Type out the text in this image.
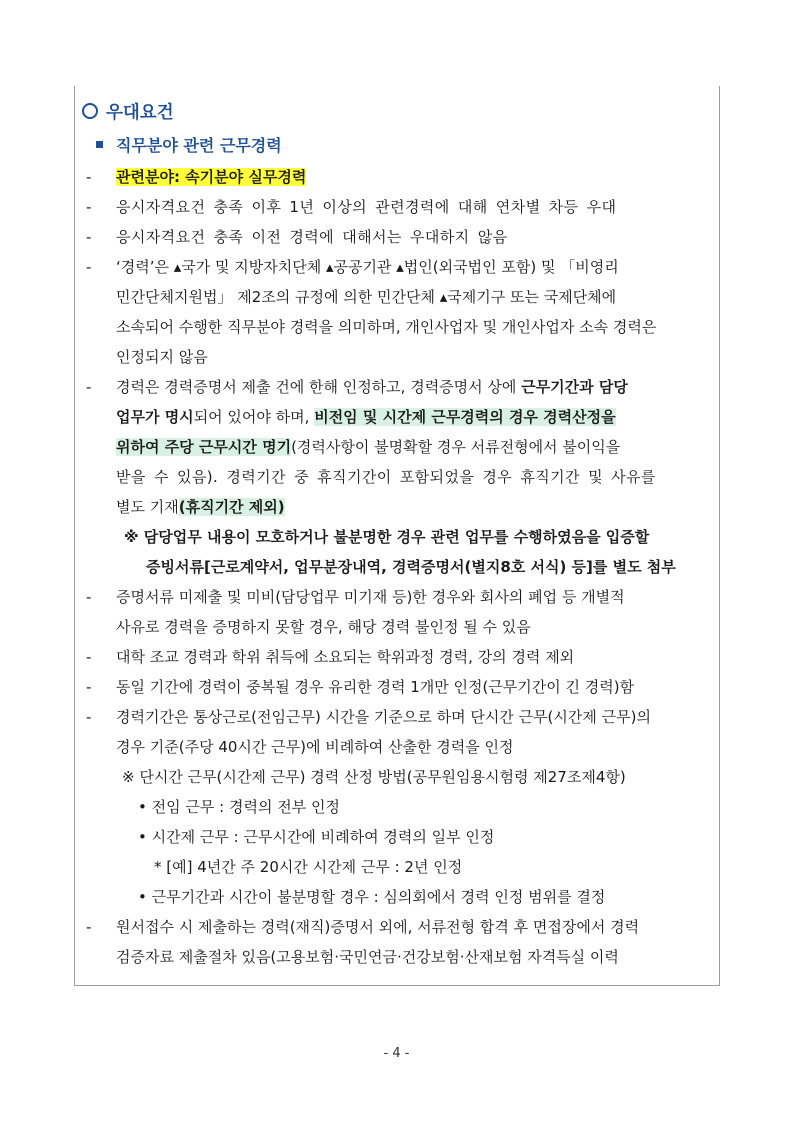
우대요건
직무분야 관련 근무경력
- 관련분야: 속기분야 실무경력
- 응시자격요건 충족 이후 1년 이상의 관련경력에 대해 연차별 차등 우대
- 응시자격요건 충족 이전 경력에 대해서는 우대하지 않음
- ‘경력’은 ▴국가 및 지방자치단체 ▴공공기관 ▴법인(외국법인 포함) 및 「비영리
민간단체지원법」 제2조의 규정에 의한 민간단체 ▴국제기구 또는 국제단체에
소속되어 수행한 직무분야 경력을 의미하며, 개인사업자 및 개인사업자 소속 경력은
인정되지 않음
- 경력은 경력증명서 제출 건에 한해 인정하고, 경력증명서 상에 근무기간과 담당
업무가 명시되어 있어야 하며, 비전임 및 시간제 근무경력의 경우 경력산정을
위하여 주당 근무시간 명기(경력사항이 불명확할 경우 서류전형에서 불이익을
받을 수 있음). 경력기간 중 휴직기간이 포함되었을 경우 휴직기간 및 사유를
별도 기재(휴직기간 제외)
※ 담당업무 내용이 모호하거나 불분명한 경우 관련 업무를 수행하였음을 입증할
증빙서류[근로계약서, 업무분장내역, 경력증명서(별지8호 서식) 등]를 별도 첨부
- 증명서류 미제출 및 미비(담당업무 미기재 등)한 경우와 회사의 폐업 등 개별적
사유로 경력을 증명하지 못할 경우, 해당 경력 불인정 될 수 있음
- 대학 조교 경력과 학위 취득에 소요되는 학위과정 경력, 강의 경력 제외
- 동일 기간에 경력이 중복될 경우 유리한 경력 1개만 인정(근무기간이 긴 경력)함
- 경력기간은 통상근로(전임근무) 시간을 기준으로 하며 단시간 근무(시간제 근무)의
경우 기준(주당 40시간 근무)에 비례하여 산출한 경력을 인정
※ 단시간 근무(시간제 근무) 경력 산정 방법(공무원임용시험령 제27조제4항)
• 전임 근무 : 경력의 전부 인정
• 시간제 근무 : 근무시간에 비례하여 경력의 일부 인정
* [예] 4년간 주 20시간 시간제 근무 : 2년 인정
• 근무기간과 시간이 불분명할 경우 : 심의회에서 경력 인정 범위를 결정
- 원서접수 시 제출하는 경력(재직)증명서 외에, 서류전형 합격 후 면접장에서 경력
검증자료 제출절차 있음(고용보험·국민연금·건강보험·산재보험 자격득실 이력
- 4 -
